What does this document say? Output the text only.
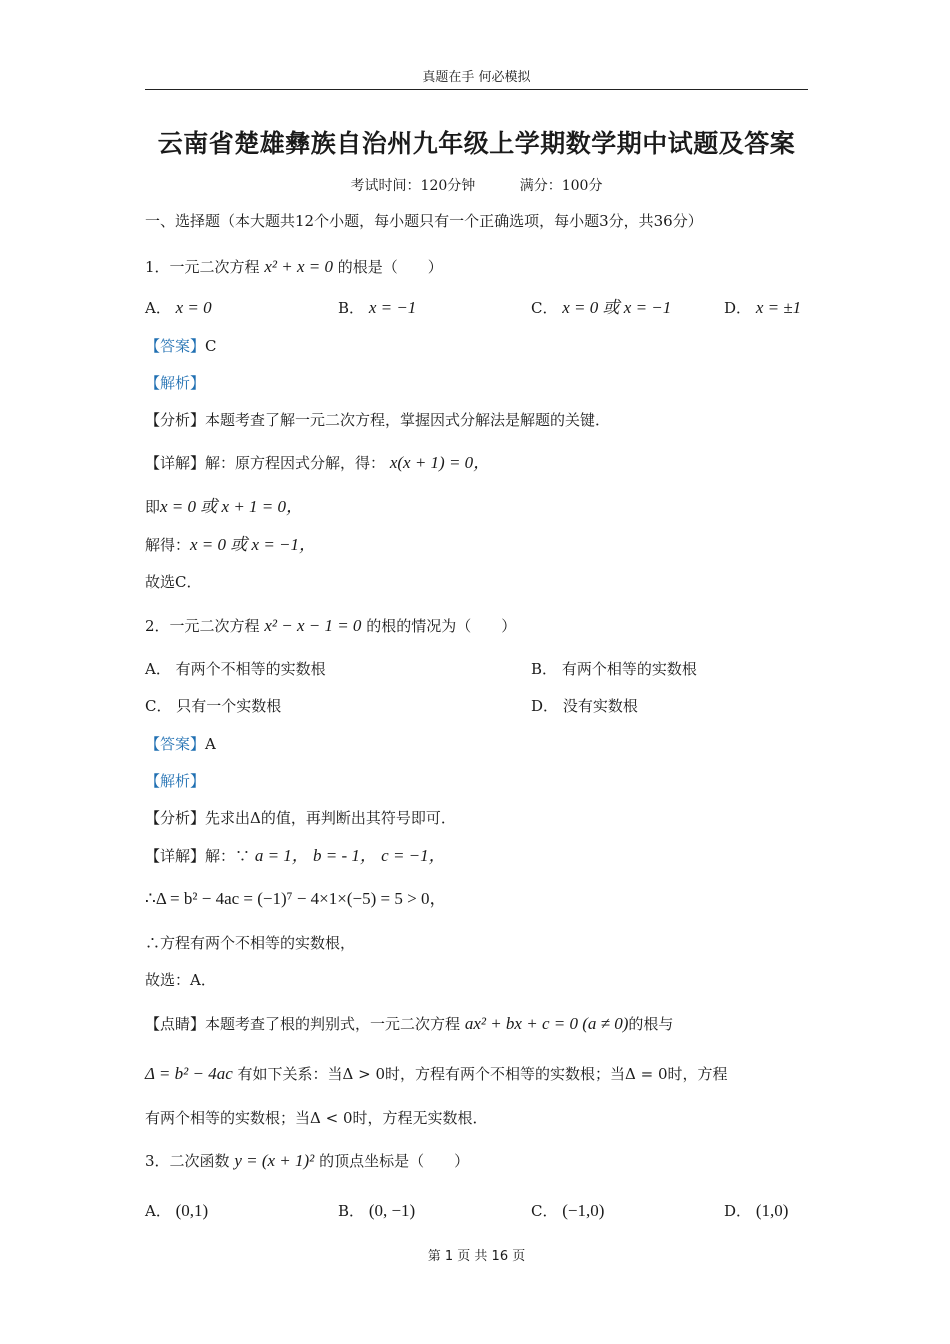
真题在手 何必模拟
云南省楚雄彝族自治州九年级上学期数学期中试题及答案
考试时间：120分钟	满分：100分
一、选择题（本大题共12个小题，每小题只有一个正确选项，每小题3分，共36分）
1．一元二次方程 x² + x = 0 的根是（　　）
A． x = 0	B． x = −1	C． x = 0 或 x = −1	D． x = ±1
【答案】C
【解析】
【分析】本题考查了解一元二次方程，掌握因式分解法是解题的关键．
【详解】解：原方程因式分解，得： x(x + 1) = 0，
即x = 0 或 x + 1 = 0，
解得：x = 0 或 x = −1，
故选C．
2．一元二次方程 x² − x − 1 = 0 的根的情况为（　　）
A． 有两个不相等的实数根	B． 有两个相等的实数根
C． 只有一个实数根	D． 没有实数根
【答案】A
【解析】
【分析】先求出Δ的值，再判断出其符号即可．
【详解】解：∵ a = 1， b = - 1， c = −1，
∴Δ = b² − 4ac = (−1)⁷ − 4×1×(−5) = 5 > 0，
∴方程有两个不相等的实数根，
故选：A．
【点睛】本题考查了根的判别式，一元二次方程 ax² + bx + c = 0 (a ≠ 0)的根与
Δ = b² − 4ac 有如下关系：当Δ > 0时，方程有两个不相等的实数根；当Δ = 0时，方程
有两个相等的实数根；当Δ < 0时，方程无实数根．
3．二次函数 y = (x + 1)² 的顶点坐标是（　　）
A． (0,1)	B． (0, −1)	C． (−1,0)	D． (1,0)
第 1 页 共 16 页
